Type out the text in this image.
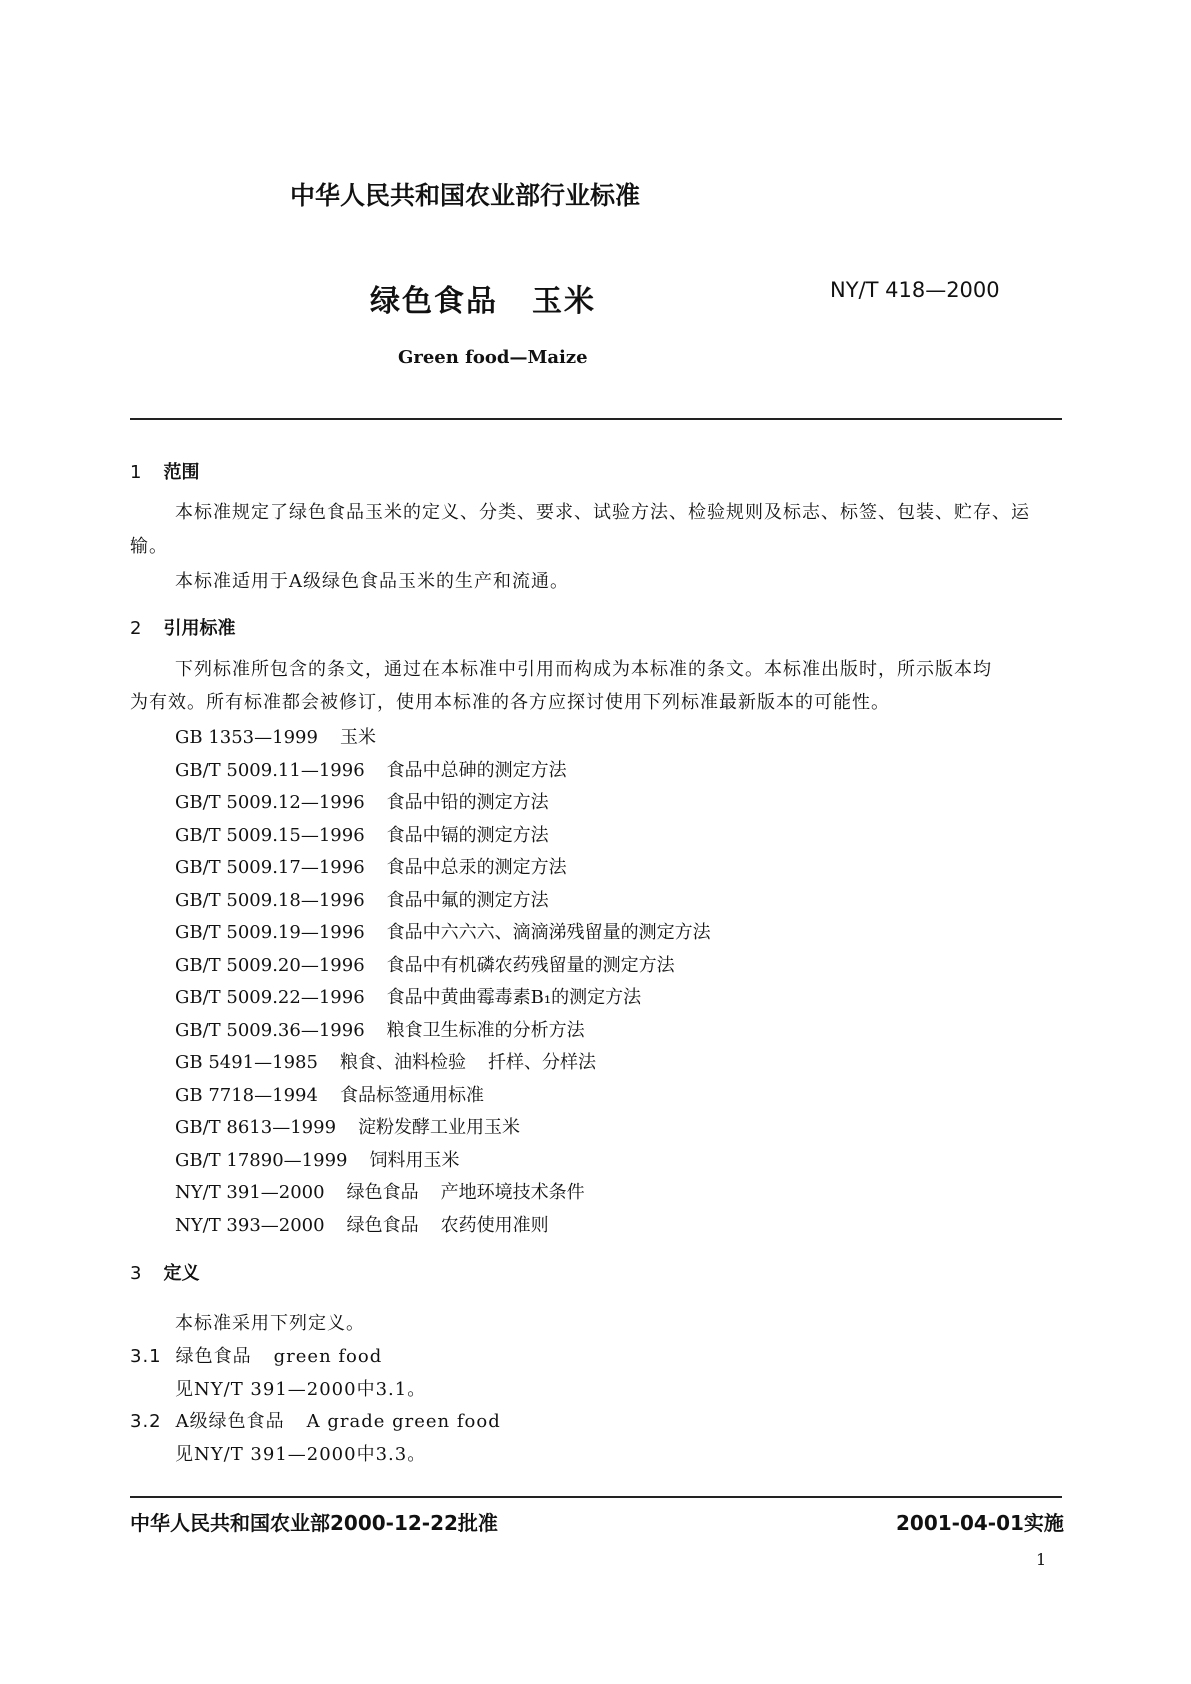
中华人民共和国农业部行业标准
绿色食品 玉米	NY/T 418—2000
Green food—Maize
1 范围
本标准规定了绿色食品玉米的定义、分类、要求、试验方法、检验规则及标志、标签、包装、贮存、运
输。
本标准适用于A级绿色食品玉米的生产和流通。
2 引用标准
下列标准所包含的条文，通过在本标准中引用而构成为本标准的条文。本标准出版时，所示版本均
为有效。所有标准都会被修订，使用本标准的各方应探讨使用下列标准最新版本的可能性。
GB 1353—1999 玉米
GB/T 5009.11—1996 食品中总砷的测定方法
GB/T 5009.12—1996 食品中铅的测定方法
GB/T 5009.15—1996 食品中镉的测定方法
GB/T 5009.17—1996 食品中总汞的测定方法
GB/T 5009.18—1996 食品中氟的测定方法
GB/T 5009.19—1996 食品中六六六、滴滴涕残留量的测定方法
GB/T 5009.20—1996 食品中有机磷农药残留量的测定方法
GB/T 5009.22—1996 食品中黄曲霉毒素B₁的测定方法
GB/T 5009.36—1996 粮食卫生标准的分析方法
GB 5491—1985 粮食、油料检验 扦样、分样法
GB 7718—1994 食品标签通用标准
GB/T 8613—1999 淀粉发酵工业用玉米
GB/T 17890—1999 饲料用玉米
NY/T 391—2000 绿色食品 产地环境技术条件
NY/T 393—2000 绿色食品 农药使用准则
3 定义
本标准采用下列定义。
3.1 绿色食品 green food
见NY/T 391—2000中3.1。
3.2 A级绿色食品 A grade green food
见NY/T 391—2000中3.3。
中华人民共和国农业部2000-12-22批准	2001-04-01实施
1
